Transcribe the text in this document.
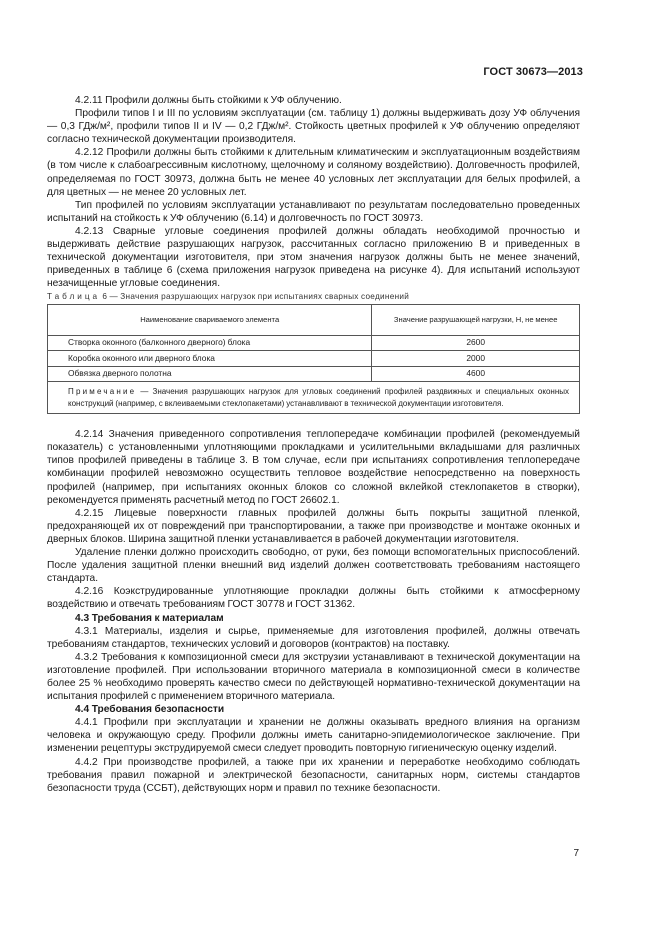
ГОСТ 30673—2013

4.2.11 Профили должны быть стойкими к УФ облучению.

Профили типов I и III по условиям эксплуатации (см. таблицу 1) должны выдерживать дозу УФ облучения — 0,3 ГДж/м², профили типов II и IV — 0,2 ГДж/м². Стойкость цветных профилей к УФ облучению определяют согласно технической документации производителя.

4.2.12 Профили должны быть стойкими к длительным климатическим и эксплуатационным воздействиям (в том числе к слабоагрессивным кислотному, щелочному и соляному воздействию). Долговечность профилей, определяемая по ГОСТ 30973, должна быть не менее 40 условных лет эксплуатации для белых профилей, а для цветных — не менее 20 условных лет.

Тип профилей по условиям эксплуатации устанавливают по результатам последовательно проведенных испытаний на стойкость к УФ облучению (6.14) и долговечность по ГОСТ 30973.

4.2.13 Сварные угловые соединения профилей должны обладать необходимой прочностью и выдерживать действие разрушающих нагрузок, рассчитанных согласно приложению В и приведенных в технической документации изготовителя, при этом значения нагрузок должны быть не менее значений, приведенных в таблице 6 (схема приложения нагрузок приведена на рисунке 4). Для испытаний используют незачищенные угловые соединения.

Таблица 6 — Значения разрушающих нагрузок при испытаниях сварных соединений

Наименование свариваемого элемента	Значение разрушающей нагрузки, Н, не менее
Створка оконного (балконного дверного) блока	2600
Коробка оконного или дверного блока	2000
Обвязка дверного полотна	4600
Примечание — Значения разрушающих нагрузок для угловых соединений профилей раздвижных и специальных оконных конструкций (например, с вклеиваемыми стеклопакетами) устанавливают в технической документации изготовителя.	

4.2.14 Значения приведенного сопротивления теплопередаче комбинации профилей (рекомендуемый показатель) с установленными уплотняющими прокладками и усилительными вкладышами для различных типов профилей приведены в таблице 3. В том случае, если при испытаниях сопротивления теплопередаче комбинации профилей невозможно осуществить тепловое воздействие непосредственно на поверхность профилей (например, при испытаниях оконных блоков со сложной вклейкой стеклопакетов в створки), рекомендуется применять расчетный метод по ГОСТ 26602.1.

4.2.15 Лицевые поверхности главных профилей должны быть покрыты защитной пленкой, предохраняющей их от повреждений при транспортировании, а также при производстве и монтаже оконных и дверных блоков. Ширина защитной пленки устанавливается в рабочей документации изготовителя.

Удаление пленки должно происходить свободно, от руки, без помощи вспомогательных приспособлений. После удаления защитной пленки внешний вид изделий должен соответствовать требованиям настоящего стандарта.

4.2.16 Коэкструдированные уплотняющие прокладки должны быть стойкими к атмосферному воздействию и отвечать требованиям ГОСТ 30778 и ГОСТ 31362.

4.3 Требования к материалам

4.3.1 Материалы, изделия и сырье, применяемые для изготовления профилей, должны отвечать требованиям стандартов, технических условий и договоров (контрактов) на поставку.

4.3.2 Требования к композиционной смеси для экструзии устанавливают в технической документации на изготовление профилей. При использовании вторичного материала в композиционной смеси в количестве более 25 % необходимо проверять качество смеси по действующей нормативно-технической документации на испытания профилей с применением вторичного материала.

4.4 Требования безопасности

4.4.1 Профили при эксплуатации и хранении не должны оказывать вредного влияния на организм человека и окружающую среду. Профили должны иметь санитарно-эпидемиологическое заключение. При изменении рецептуры экструдируемой смеси следует проводить повторную гигиеническую оценку изделий.

4.4.2 При производстве профилей, а также при их хранении и переработке необходимо соблюдать требования правил пожарной и электрической безопасности, санитарных норм, системы стандартов безопасности труда (ССБТ), действующих норм и правил по технике безопасности.

7
